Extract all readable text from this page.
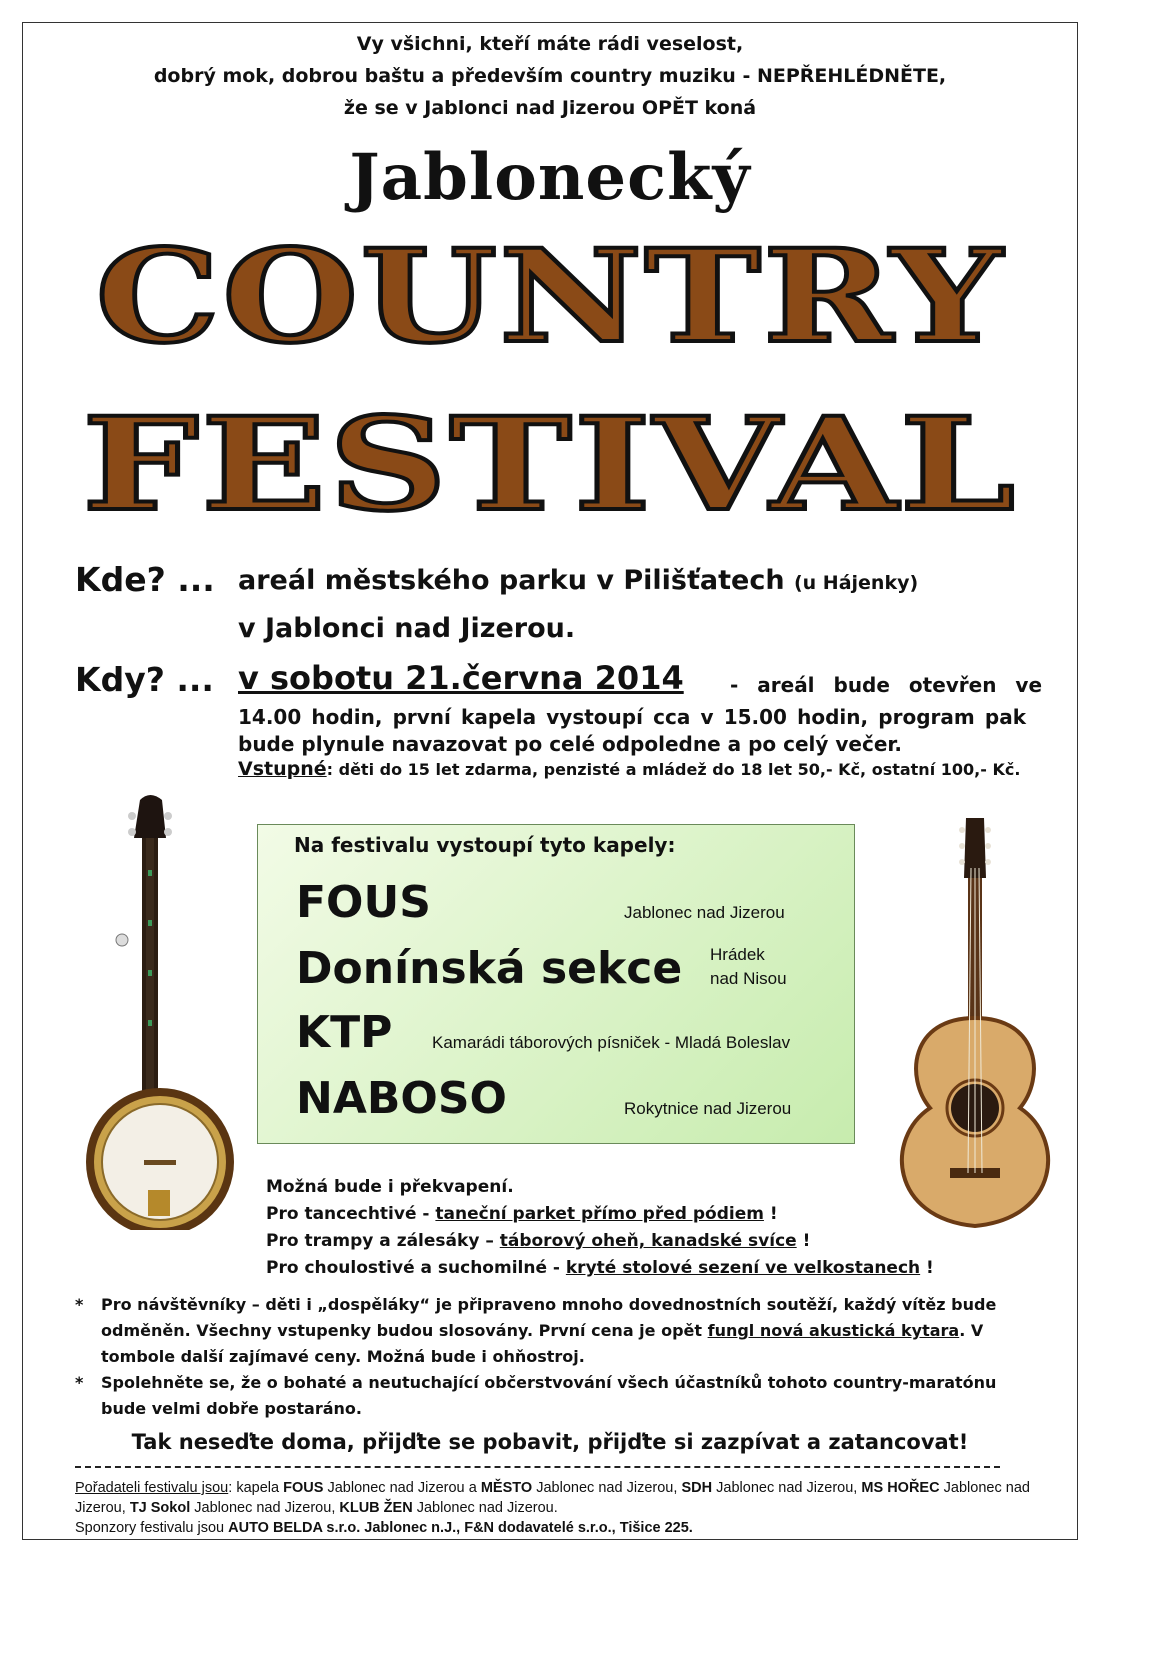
Vy všichni, kteří máte rádi veselost,
dobrý mok, dobrou baštu a především country muziku - NEPŘEHLÉDNĚTE,
že se v Jablonci nad Jizerou OPĚT koná
Jablonecký
COUNTRY
FESTIVAL
Kde? ... areál městského parku v Pilišťatech (u Hájenky)
v Jablonci nad Jizerou.
Kdy? ... v sobotu 21.června 2014 - areál bude otevřen ve
14.00 hodin, první kapela vystoupí cca v 15.00 hodin, program pak bude plynule navazovat po celé odpoledne a po celý večer.
Vstupné: děti do 15 let zdarma, penzisté a mládež do 18 let 50,- Kč, ostatní 100,- Kč.
Na festivalu vystoupí tyto kapely:
FOUS	Jablonec nad Jizerou
Donínská sekce Hrádek
nad Nisou
KTP Kamarádi táborových písniček - Mladá Boleslav
NABOSO	Rokytnice nad Jizerou
Možná bude i překvapení.
Pro tancechtivé - taneční parket přímo před pódiem !
Pro trampy a zálesáky – táborový oheň, kanadské svíce !
Pro choulostivé a suchomilné - kryté stolové sezení ve velkostanech !
* Pro návštěvníky – děti i „dospěláky“ je připraveno mnoho dovednostních soutěží, každý vítěz bude odměněn. Všechny vstupenky budou slosovány. První cena je opět fungl nová akustická kytara. V tombole další zajímavé ceny. Možná bude i ohňostroj.
* Spolehněte se, že o bohaté a neutuchající občerstvování všech účastníků tohoto country-maratónu bude velmi dobře postaráno.
Tak neseďte doma, přijďte se pobavit, přijďte si zazpívat a zatancovat!
Pořadateli festivalu jsou: kapela FOUS Jablonec nad Jizerou a MĚSTO Jablonec nad Jizerou, SDH Jablonec nad Jizerou, MS HOŘEC Jablonec nad Jizerou, TJ Sokol Jablonec nad Jizerou, KLUB ŽEN Jablonec nad Jizerou.
Sponzory festivalu jsou AUTO BELDA s.r.o. Jablonec n.J., F&N dodavatelé s.r.o., Tišice 225.
